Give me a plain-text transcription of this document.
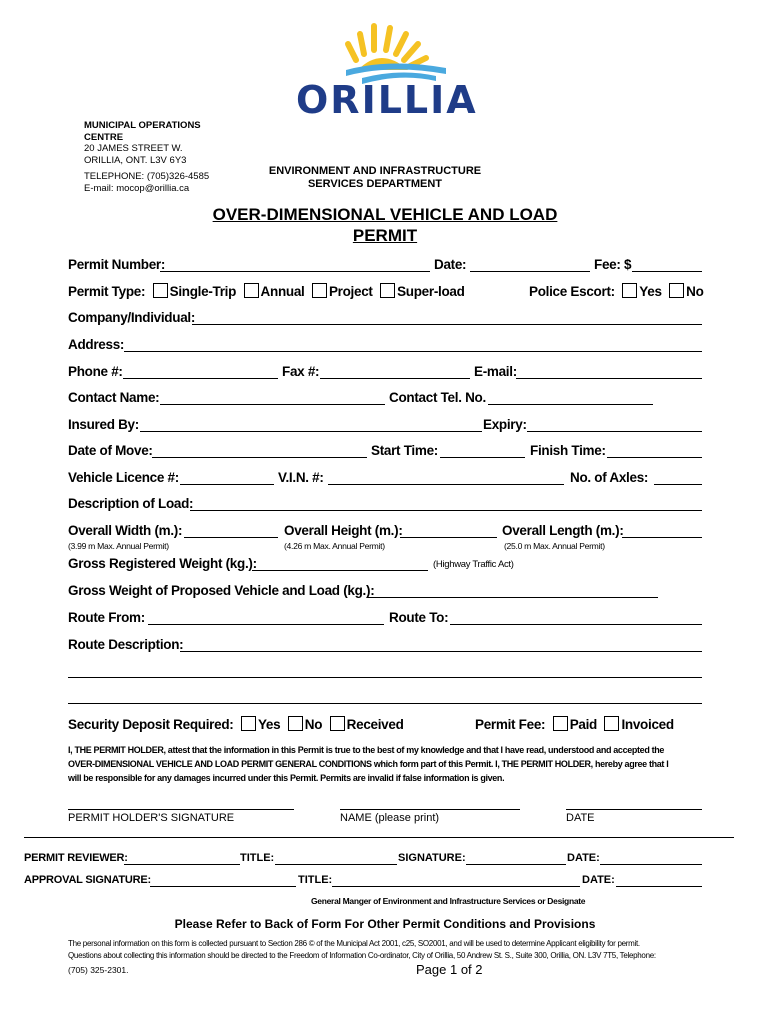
ORILLIA
MUNICIPAL OPERATIONS
CENTRE
20 JAMES STREET W.
ORILLIA, ONT. L3V 6Y3
TELEPHONE: (705)326-4585
E-mail: mocop@orillia.ca
ENVIRONMENT AND INFRASTRUCTURE
SERVICES DEPARTMENT
OVER-DIMENSIONAL VEHICLE AND LOAD
PERMIT
Permit Number:	Date:	Fee: $
Permit Type: Single-Trip Annual Project Super-load	Police Escort: Yes No
Company/Individual:
Address:
Phone #:	Fax #:	E-mail:
Contact Name:	Contact Tel. No.
Insured By:	Expiry:
Date of Move:	Start Time:	Finish Time:
Vehicle Licence #:	V.I.N. #:	No. of Axles:
Description of Load:
Overall Width (m.):	Overall Height (m.):	Overall Length (m.):
(3.99 m Max. Annual Permit)	(4.26 m Max. Annual Permit)	(25.0 m Max. Annual Permit)
Gross Registered Weight (kg.):	(Highway Traffic Act)
Gross Weight of Proposed Vehicle and Load (kg.):
Route From:	Route To:
Route Description:
Security Deposit Required: Yes No Received	Permit Fee: Paid Invoiced
I, THE PERMIT HOLDER, attest that the information in this Permit is true to the best of my knowledge and that I have read, understood and accepted the
OVER-DIMENSIONAL VEHICLE AND LOAD PERMIT GENERAL CONDITIONS which form part of this Permit. I, THE PERMIT HOLDER, hereby agree that I
will be responsible for any damages incurred under this Permit. Permits are invalid if false information is given.
PERMIT HOLDER'S SIGNATURE	NAME (please print)	DATE
PERMIT REVIEWER:	TITLE:	SIGNATURE:	DATE:
APPROVAL SIGNATURE:	TITLE:	DATE:
General Manger of Environment and Infrastructure Services or Designate
Please Refer to Back of Form For Other Permit Conditions and Provisions
The personal information on this form is collected pursuant to Section 286 © of the Municipal Act 2001, c25, SO2001, and will be used to determine Applicant eligibility for permit.
Questions about collecting this information should be directed to the Freedom of Information Co-ordinator, City of Orillia, 50 Andrew St. S., Suite 300, Orillia, ON. L3V 7T5, Telephone:
(705) 325-2301.	Page 1 of 2
